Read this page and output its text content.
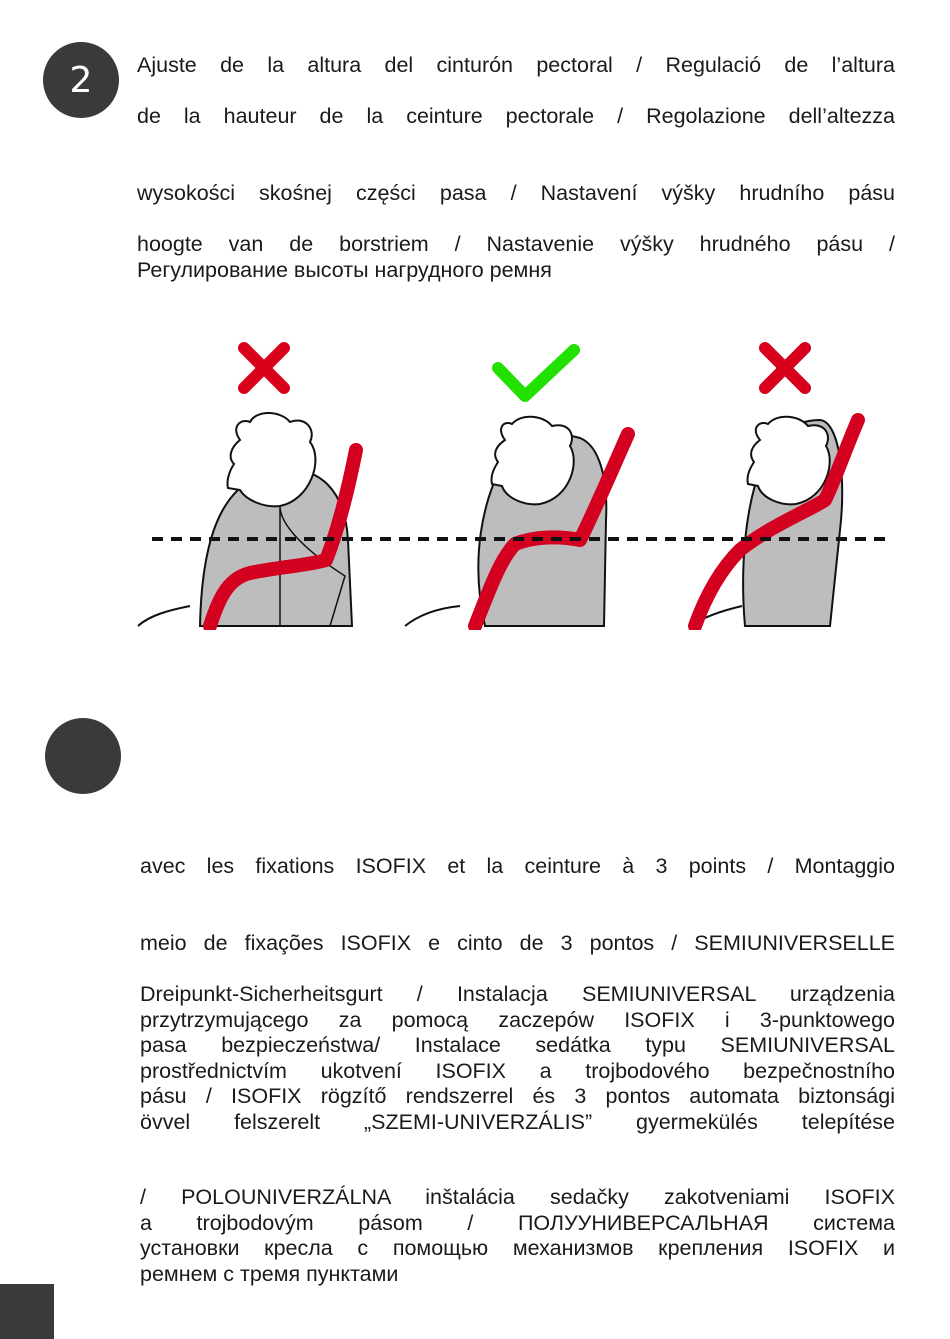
2 Ajuste de la altura del cinturón pectoral / Regulació de l’altura
de la hauteur de la ceinture pectorale / Regolazione dell’altezza
wysokości skośnej części pasa / Nastavení výšky hrudního pásu
hoogte van de borstriem / Nastavenie výšky hrudného pásu /
Регулирование высоты нагрудного ремня
avec les fixations ISOFIX et la ceinture à 3 points / Montaggio
meio de fixações ISOFIX e cinto de 3 pontos / SEMIUNIVERSELLE
Dreipunkt-Sicherheitsgurt / Instalacja SEMIUNIVERSAL urządzenia
przytrzymującego za pomocą zaczepów ISOFIX i 3-punktowego
pasa bezpieczeństwa/ Instalace sedátka typu SEMIUNIVERSAL
prostřednictvím ukotvení ISOFIX a trojbodového bezpečnostního
pásu / ISOFIX rögzítő rendszerrel és 3 pontos automata biztonsági
övvel felszerelt „SZEMI-UNIVERZÁLIS” gyermekülés telepítése
/ POLOUNIVERZÁLNA inštalácia sedačky zakotveniami ISOFIX
a trojbodovým pásom / ПОЛУУНИВЕРСАЛЬНАЯ система
установки кресла с помощью механизмов крепления ISOFIX и
ремнем с тремя пунктами
